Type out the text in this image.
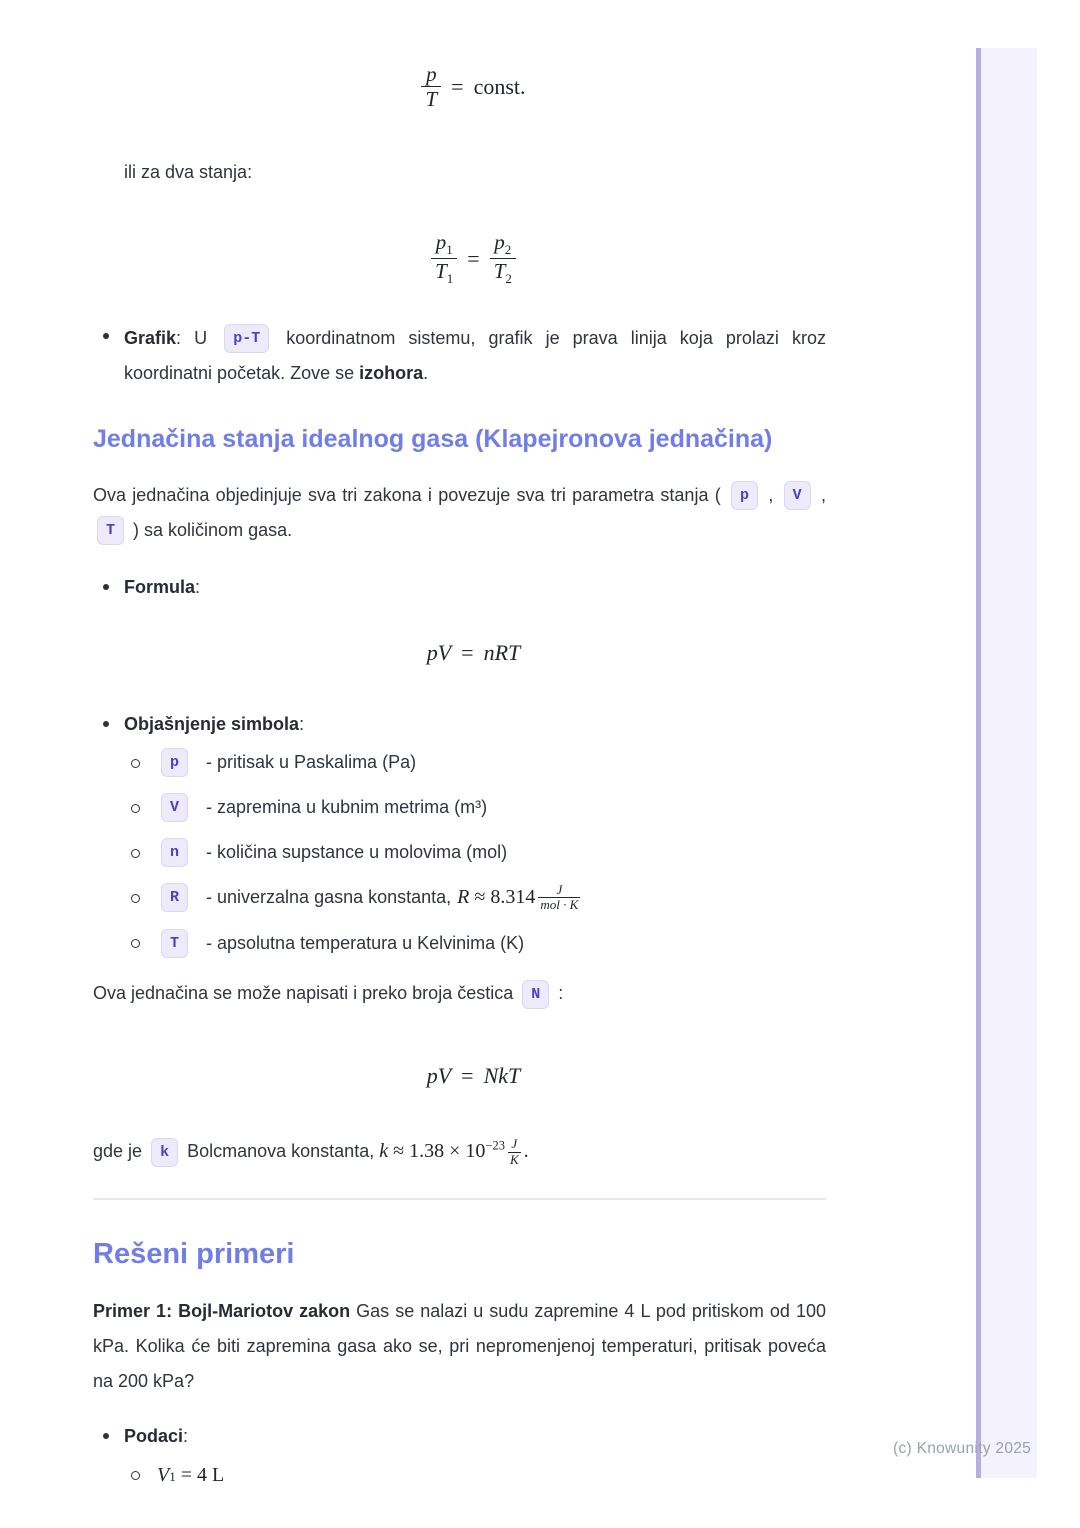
(c) Knowunity 2025
$\frac{p}{T}$ = const.

ili za dva stanja:

$\frac{p_1}{T_1} = \frac{p_2}{T_2}$

Grafik: U p-T koordinatnom sistemu, grafik je prava linija koja prolazi kroz koordinatni početak. Zove se izohora.

Jednačina stanja idealnog gasa (Klapejronova jednačina)

Ova jednačina objedinjuje sva tri zakona i povezuje sva tri parametra stanja ( p , V , T ) sa količinom gasa.

Formula:
pV = nRT
Objašnjenje simbola:
p	- pritisak u Paskalima (Pa)
V	- zapremina u kubnim metrima (m³)
n	- količina supstance u molovima (mol)
R	- univerzalna gasna konstanta, $R \approx 8.314 \frac{J}{\text{mol · K}}$
T	- apsolutna temperatura u Kelvinima (K)

Ova jednačina se može napisati i preko broja čestica N :

pV = NkT

gde je k Bolcmanova konstanta, $k \approx 1.38 \times 10^{-23} \frac{J}{K}$ .

Rešeni primeri

Primer 1: Bojl-Mariotov zakon Gas se nalazi u sudu zapremine 4 L pod pritiskom od 100 kPa. Kolika će biti zapremina gasa ako se, pri nepromenjenoj temperaturi, pritisak poveća na 200 kPa?

Podaci:
V1 = 4 L
